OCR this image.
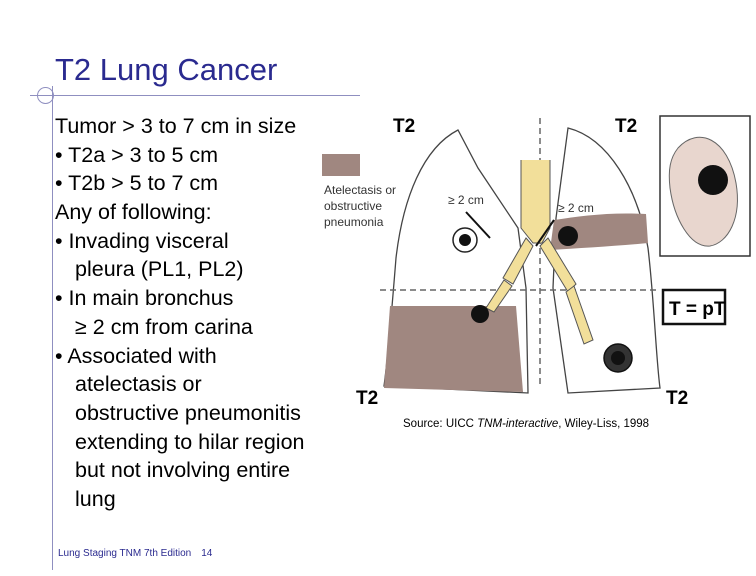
T2 Lung Cancer
Tumor > 3 to 7 cm in size
• T2a > 3 to 5 cm
• T2b > 5 to 7 cm
Any of following:
• Invading visceral
pleura (PL1, PL2)
• In main bronchus
≥ 2 cm from carina
• Associated with
atelectasis or
obstructive pneumonitis
extending to hilar region
but not involving entire
lung
Atelectasis or
obstructive
pneumonia
T2	T2
T2	T2
≥ 2 cm
≥ 2 cm
T = pT
Source: UICC TNM-interactive, Wiley-Liss, 1998
Lung Staging TNM 7th Edition 14
